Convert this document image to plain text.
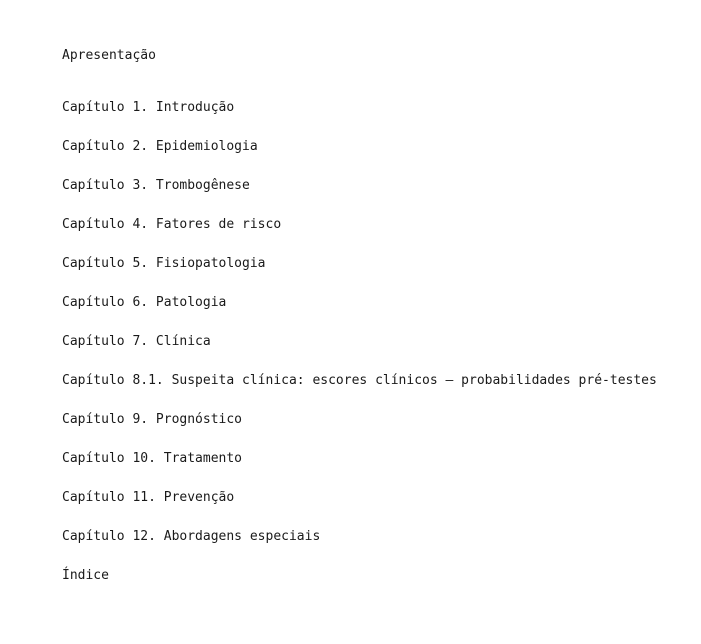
Apresentação
Capítulo 1. Introdução
Capítulo 2. Epidemiologia
Capítulo 3. Trombogênese
Capítulo 4. Fatores de risco
Capítulo 5. Fisiopatologia
Capítulo 6. Patologia
Capítulo 7. Clínica
Capítulo 8.1. Suspeita clínica: escores clínicos – probabilidades pré-testes
Capítulo 9. Prognóstico
Capítulo 10. Tratamento
Capítulo 11. Prevenção
Capítulo 12. Abordagens especiais
Índice
